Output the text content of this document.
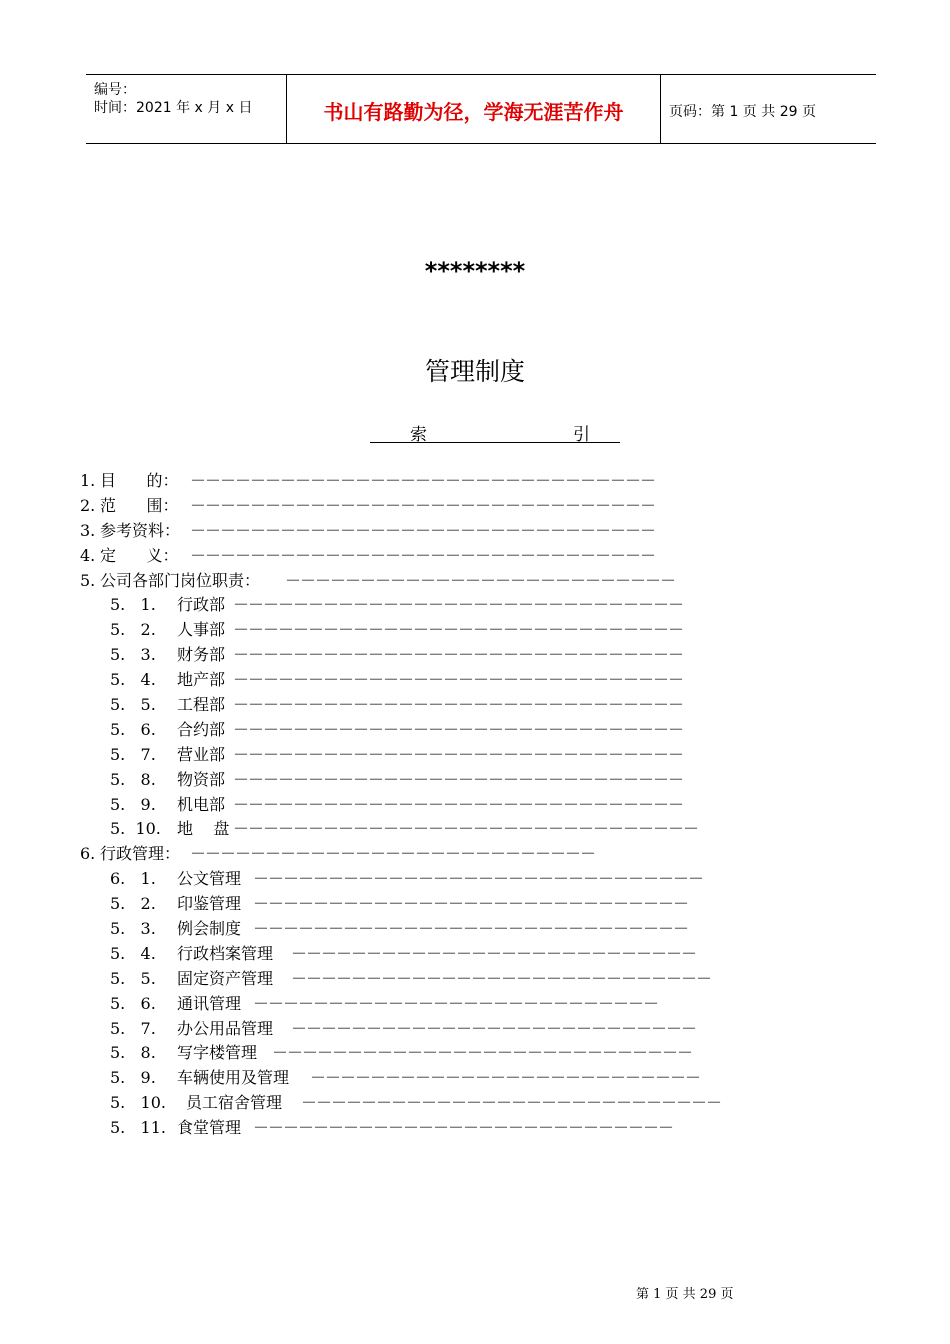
编号：
时间：2021 年 x 月 x 日	书山有路勤为径，学海无涯苦作舟	页码：第 1 页 共 29 页
********
管理制度
索	引
1. 目      的： －－－－－－－－－－－－－－－－－－－－－－－－－－－－－－－
2. 范      围： －－－－－－－－－－－－－－－－－－－－－－－－－－－－－－－
3. 参考资料： －－－－－－－－－－－－－－－－－－－－－－－－－－－－－－－
4. 定      义： －－－－－－－－－－－－－－－－－－－－－－－－－－－－－－－
5. 公司各部门岗位职责： －－－－－－－－－－－－－－－－－－－－－－－－－－
5.   1. 行政部 －－－－－－－－－－－－－－－－－－－－－－－－－－－－－－
5.   2. 人事部 －－－－－－－－－－－－－－－－－－－－－－－－－－－－－－
5.   3. 财务部 －－－－－－－－－－－－－－－－－－－－－－－－－－－－－－
5.   4. 地产部 －－－－－－－－－－－－－－－－－－－－－－－－－－－－－－
5.   5. 工程部 －－－－－－－－－－－－－－－－－－－－－－－－－－－－－－
5.   6. 合约部 －－－－－－－－－－－－－－－－－－－－－－－－－－－－－－
5.   7. 营业部 －－－－－－－－－－－－－－－－－－－－－－－－－－－－－－
5.   8. 物资部 －－－－－－－－－－－－－－－－－－－－－－－－－－－－－－
5.   9. 机电部 －－－－－－－－－－－－－－－－－－－－－－－－－－－－－－
5.  10. 地    盘 －－－－－－－－－－－－－－－－－－－－－－－－－－－－－－－
6. 行政管理： －－－－－－－－－－－－－－－－－－－－－－－－－－－
6.   1. 公文管理 －－－－－－－－－－－－－－－－－－－－－－－－－－－－－－
5.   2. 印鉴管理 －－－－－－－－－－－－－－－－－－－－－－－－－－－－－
5.   3. 例会制度 －－－－－－－－－－－－－－－－－－－－－－－－－－－－－
5.   4. 行政档案管理 －－－－－－－－－－－－－－－－－－－－－－－－－－－
5.   5. 固定资产管理 －－－－－－－－－－－－－－－－－－－－－－－－－－－－
5.   6. 通讯管理 －－－－－－－－－－－－－－－－－－－－－－－－－－－
5.   7. 办公用品管理 －－－－－－－－－－－－－－－－－－－－－－－－－－－
5.   8. 写字楼管理 －－－－－－－－－－－－－－－－－－－－－－－－－－－－
5.   9. 车辆使用及管理 －－－－－－－－－－－－－－－－－－－－－－－－－－
5.   10. 员工宿舍管理 －－－－－－－－－－－－－－－－－－－－－－－－－－－－
5.   11. 食堂管理 －－－－－－－－－－－－－－－－－－－－－－－－－－－－
第 1 页 共 29 页
